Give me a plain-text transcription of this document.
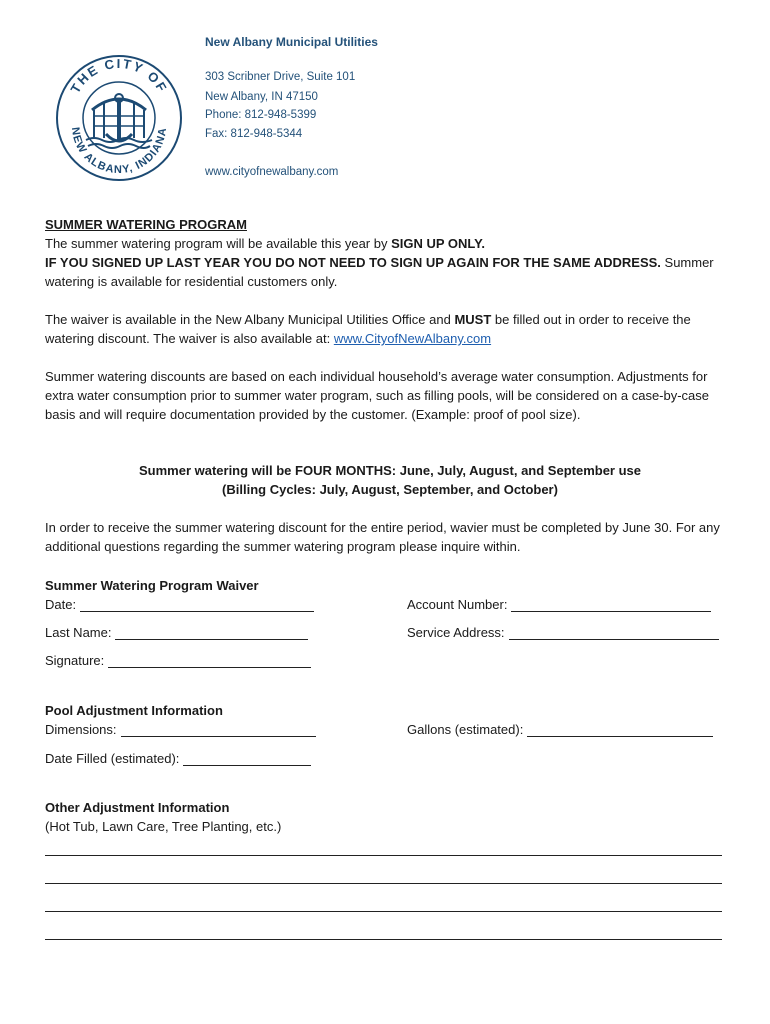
THE CITY OF
NEW ALBANY, INDIANA
New Albany Municipal Utilities
303 Scribner Drive, Suite 101
New Albany, IN 47150
Phone: 812-948-5399
Fax: 812-948-5344
www.cityofnewalbany.com
SUMMER WATERING PROGRAM
The summer watering program will be available this year by SIGN UP ONLY.
IF YOU SIGNED UP LAST YEAR YOU DO NOT NEED TO SIGN UP AGAIN FOR THE SAME ADDRESS. Summer watering is available for residential customers only.
The waiver is available in the New Albany Municipal Utilities Office and MUST be filled out in order to receive the watering discount. The waiver is also available at: www.CityofNewAlbany.com
Summer watering discounts are based on each individual household’s average water consumption. Adjustments for extra water consumption prior to summer water program, such as filling pools, will be considered on a case-by-case basis and will require documentation provided by the customer. (Example: proof of pool size).
Summer watering will be FOUR MONTHS: June, July, August, and September use
(Billing Cycles: July, August, September, and October)
In order to receive the summer watering discount for the entire period, wavier must be completed by June 30. For any additional questions regarding the summer watering program please inquire within.
Summer Watering Program Waiver
Date:	Account Number:
Last Name:	Service Address:
Signature:
Pool Adjustment Information
Dimensions:	Gallons (estimated):
Date Filled (estimated):
Other Adjustment Information
(Hot Tub, Lawn Care, Tree Planting, etc.)
